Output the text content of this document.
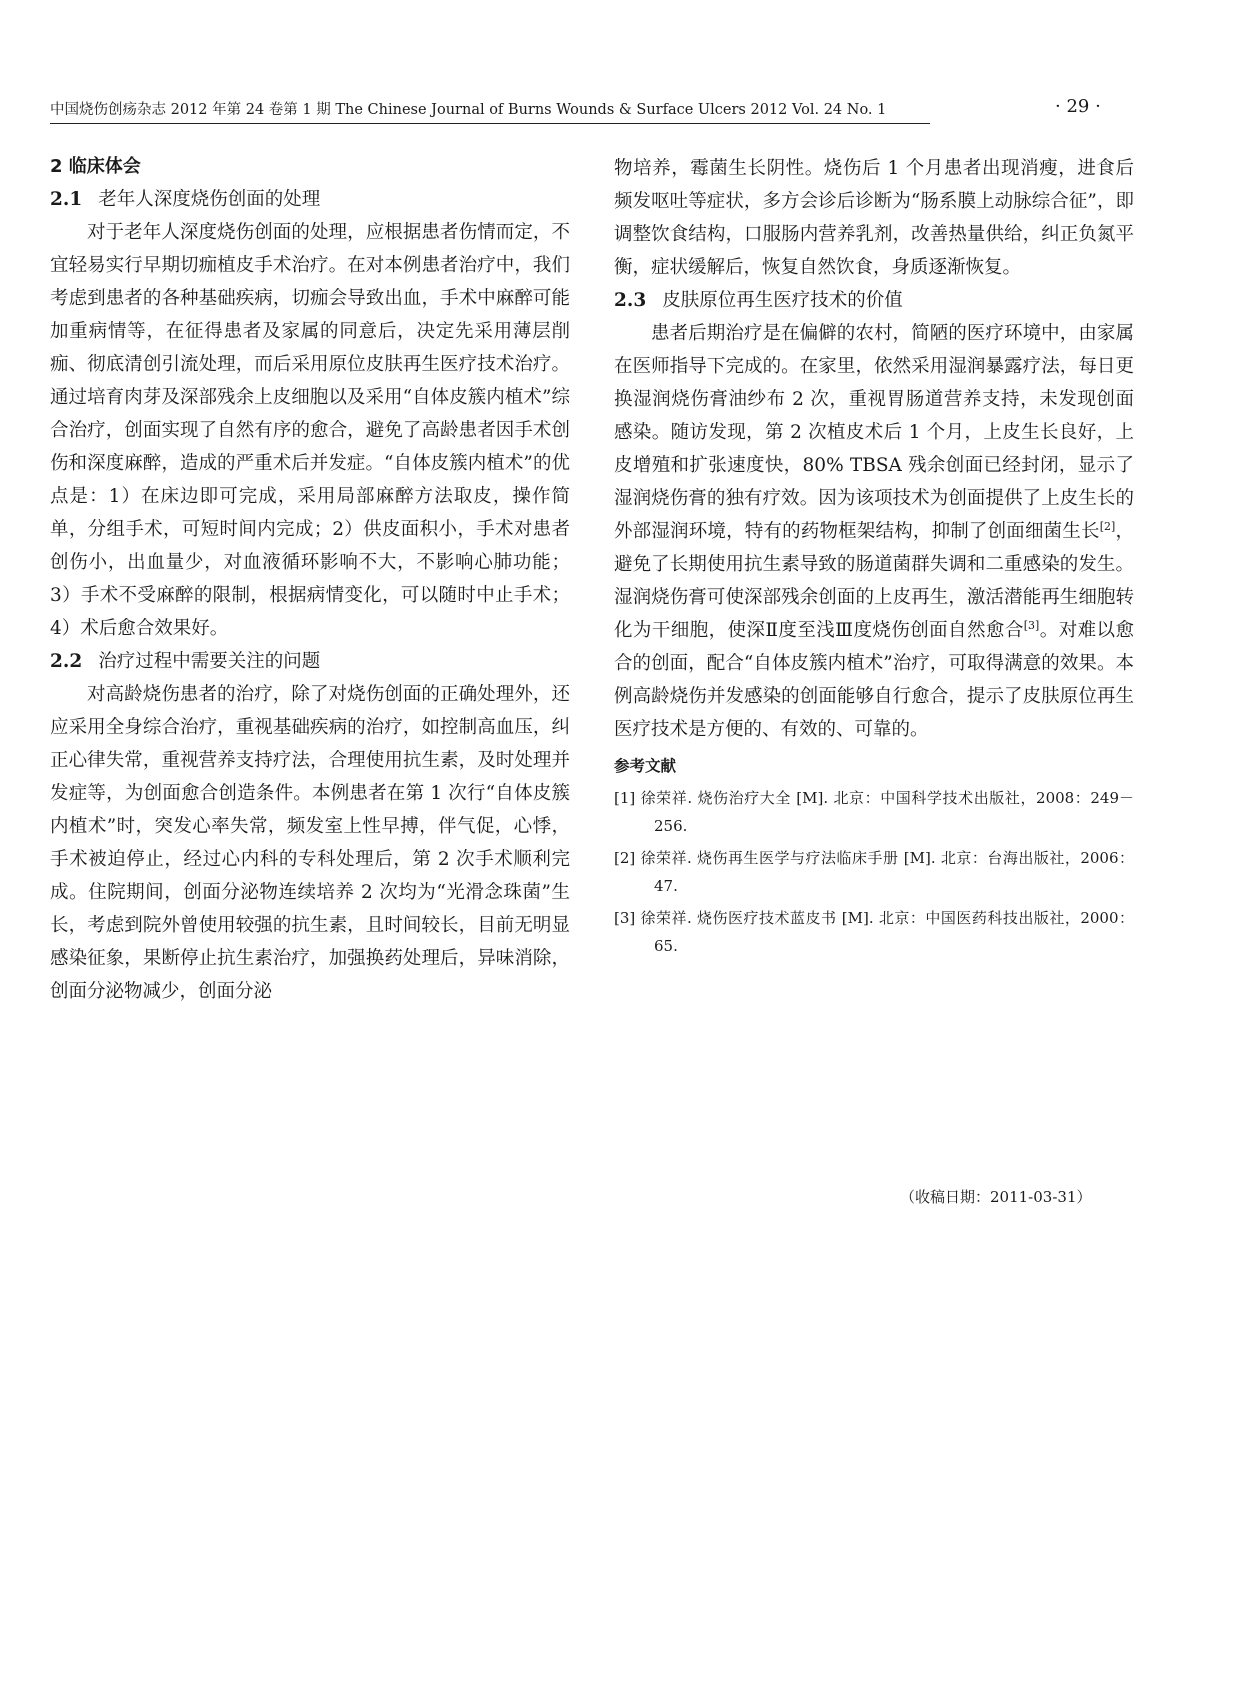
中国烧伤创疡杂志 2012 年第 24 卷第 1 期 The Chinese Journal of Burns Wounds & Surface Ulcers 2012 Vol. 24 No. 1	· 29 ·

2 临床体会

2.1 老年人深度烧伤创面的处理

对于老年人深度烧伤创面的处理，应根据患者伤情而定，不宜轻易实行早期切痂植皮手术治疗。在对本例患者治疗中，我们考虑到患者的各种基础疾病，切痂会导致出血，手术中麻醉可能加重病情等，在征得患者及家属的同意后，决定先采用薄层削痂、彻底清创引流处理，而后采用原位皮肤再生医疗技术治疗。通过培育肉芽及深部残余上皮细胞以及采用“自体皮簇内植术”综合治疗，创面实现了自然有序的愈合，避免了高龄患者因手术创伤和深度麻醉，造成的严重术后并发症。“自体皮簇内植术”的优点是：1）在床边即可完成，采用局部麻醉方法取皮，操作简单，分组手术，可短时间内完成；2）供皮面积小，手术对患者创伤小，出血量少，对血液循环影响不大，不影响心肺功能；3）手术不受麻醉的限制，根据病情变化，可以随时中止手术；4）术后愈合效果好。

2.2 治疗过程中需要关注的问题

对高龄烧伤患者的治疗，除了对烧伤创面的正确处理外，还应采用全身综合治疗，重视基础疾病的治疗，如控制高血压，纠正心律失常，重视营养支持疗法，合理使用抗生素，及时处理并发症等，为创面愈合创造条件。本例患者在第 1 次行“自体皮簇内植术”时，突发心率失常，频发室上性早搏，伴气促，心悸，手术被迫停止，经过心内科的专科处理后，第 2 次手术顺利完成。住院期间，创面分泌物连续培养 2 次均为“光滑念珠菌”生长，考虑到院外曾使用较强的抗生素，且时间较长，目前无明显感染征象，果断停止抗生素治疗，加强换药处理后，异味消除，创面分泌物减少，创面分泌

物培养，霉菌生长阴性。烧伤后 1 个月患者出现消瘦，进食后频发呕吐等症状，多方会诊后诊断为“肠系膜上动脉综合征”，即调整饮食结构，口服肠内营养乳剂，改善热量供给，纠正负氮平衡，症状缓解后，恢复自然饮食，身质逐渐恢复。

2.3 皮肤原位再生医疗技术的价值

患者后期治疗是在偏僻的农村，简陋的医疗环境中，由家属在医师指导下完成的。在家里，依然采用湿润暴露疗法，每日更换湿润烧伤膏油纱布 2 次，重视胃肠道营养支持，未发现创面感染。随访发现，第 2 次植皮术后 1 个月，上皮生长良好，上皮增殖和扩张速度快，80% TBSA 残余创面已经封闭，显示了湿润烧伤膏的独有疗效。因为该项技术为创面提供了上皮生长的外部湿润环境，特有的药物框架结构，抑制了创面细菌生长[2]，避免了长期使用抗生素导致的肠道菌群失调和二重感染的发生。湿润烧伤膏可使深部残余创面的上皮再生，激活潜能再生细胞转化为干细胞，使深Ⅱ度至浅Ⅲ度烧伤创面自然愈合[3]。对难以愈合的创面，配合“自体皮簇内植术”治疗，可取得满意的效果。本例高龄烧伤并发感染的创面能够自行愈合，提示了皮肤原位再生医疗技术是方便的、有效的、可靠的。

参考文献

[1] 徐荣祥. 烧伤治疗大全 [M]. 北京：中国科学技术出版社，2008：249－256.

[2] 徐荣祥. 烧伤再生医学与疗法临床手册 [M]. 北京：台海出版社，2006：47.

[3] 徐荣祥. 烧伤医疗技术蓝皮书 [M]. 北京：中国医药科技出版社，2000：65.

（收稿日期：2011-03-31）
